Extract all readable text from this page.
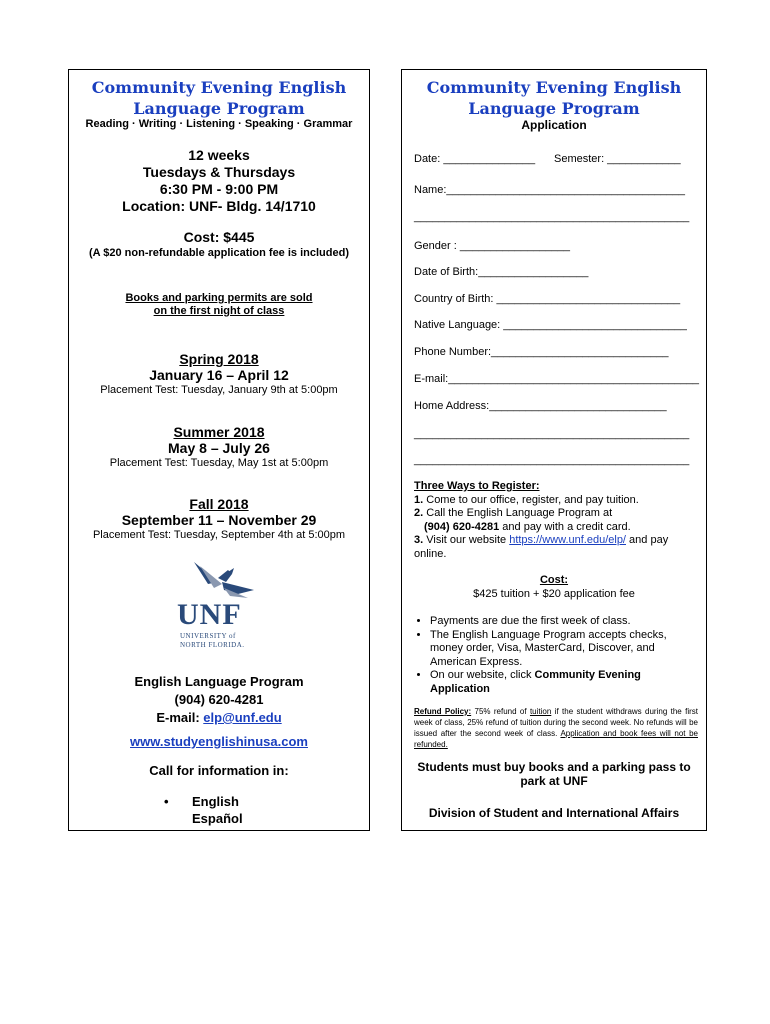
Community Evening English
Language Program
Reading · Writing · Listening · Speaking · Grammar
12 weeks
Tuesdays & Thursdays
6:30 PM - 9:00 PM
Location: UNF- Bldg. 14/1710
Cost: $445
(A $20 non-refundable application fee is included)
Books and parking permits are sold
on the first night of class
Spring 2018
January 16 – April 12
Placement Test: Tuesday, January 9th at 5:00pm
Summer 2018
May 8 – July 26
Placement Test: Tuesday, May 1st at 5:00pm
Fall 2018
September 11 – November 29
Placement Test: Tuesday, September 4th at 5:00pm
UNF
UNIVERSITY of
NORTH FLORIDA.
English Language Program
(904) 620-4281
E-mail: elp@unf.edu
www.studyenglishinusa.com
Call for information in:
• English
Español
Community Evening English
Language Program
Application
Date: _______________ Semester: ____________
Name:_______________________________________
_____________________________________________
Gender : __________________
Date of Birth:__________________
Country of Birth: ______________________________
Native Language: ______________________________
Phone Number:_____________________________
E-mail:_________________________________________
Home Address:_____________________________
_____________________________________________
_____________________________________________
Three Ways to Register:
1. Come to our office, register, and pay tuition.
2. Call the English Language Program at
(904) 620-4281 and pay with a credit card.
3. Visit our website https://www.unf.edu/elp/ and pay online.
Cost:
$425 tuition + $20 application fee
• Payments are due the first week of class.
• The English Language Program accepts checks, money order, Visa, MasterCard, Discover, and American Express.
• On our website, click Community Evening Application
Refund Policy: 75% refund of tuition if the student withdraws during the first week of class, 25% refund of tuition during the second week. No refunds will be issued after the second week of class. Application and book fees will not be refunded.
Students must buy books and a parking pass to park at UNF
Division of Student and International Affairs
